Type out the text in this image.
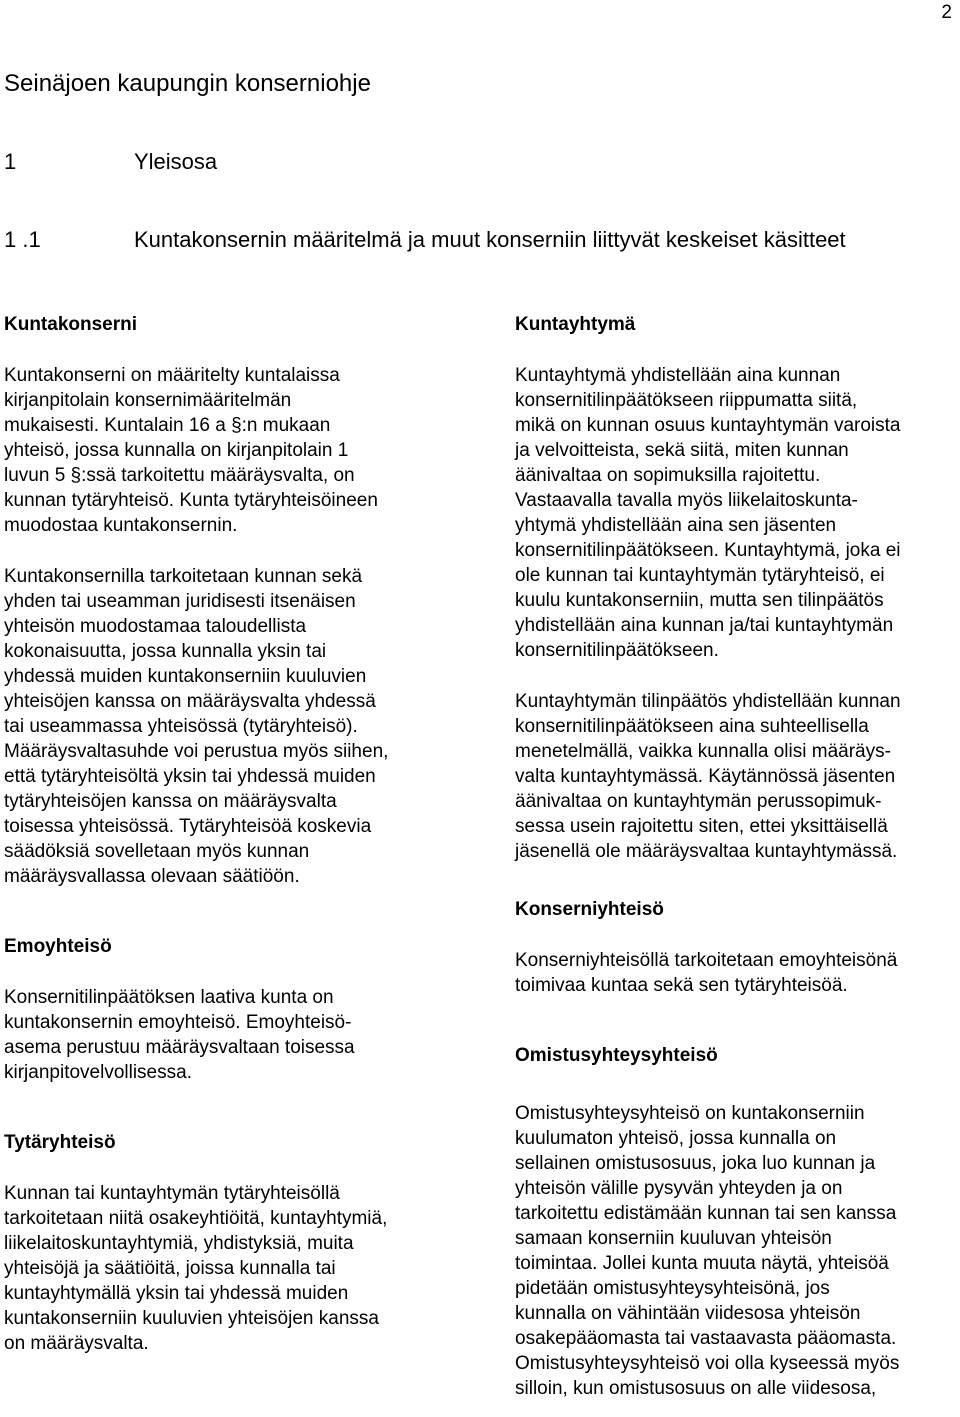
2
Seinäjoen kaupungin konserniohje
1	Yleisosa
1 .1	Kuntakonsernin määritelmä ja muut konserniin liittyvät keskeiset käsitteet
Kuntakonserni

Kuntakonserni on määritelty kuntalaissa
kirjanpitolain konsernimääritelmän
mukaisesti. Kuntalain 16 a §:n mukaan
yhteisö, jossa kunnalla on kirjanpitolain 1
luvun 5 §:ssä tarkoitettu määräysvalta, on
kunnan tytäryhteisö. Kunta tytäryhteisöineen
muodostaa kuntakonsernin.

Kuntakonsernilla tarkoitetaan kunnan sekä
yhden tai useamman juridisesti itsenäisen
yhteisön muodostamaa taloudellista
kokonaisuutta, jossa kunnalla yksin tai
yhdessä muiden kuntakonserniin kuuluvien
yhteisöjen kanssa on määräysvalta yhdessä
tai useammassa yhteisössä (tytäryhteisö).
Määräysvaltasuhde voi perustua myös siihen,
että tytäryhteisöltä yksin tai yhdessä muiden
tytäryhteisöjen kanssa on määräysvalta
toisessa yhteisössä. Tytäryhteisöä koskevia
säädöksiä sovelletaan myös kunnan
määräysvallassa olevaan säätiöön.

Emoyhteisö

Konsernitilinpäätöksen laativa kunta on
kuntakonsernin emoyhteisö. Emoyhteisö-
asema perustuu määräysvaltaan toisessa
kirjanpitovelvollisessa.

Tytäryhteisö

Kunnan tai kuntayhtymän tytäryhteisöllä
tarkoitetaan niitä osakeyhtiöitä, kuntayhtymiä,
liikelaitoskuntayhtymiä, yhdistyksiä, muita
yhteisöjä ja säätiöitä, joissa kunnalla tai
kuntayhtymällä yksin tai yhdessä muiden
kuntakonserniin kuuluvien yhteisöjen kanssa
on määräysvalta.

Kuntayhtymä

Kuntayhtymä yhdistellään aina kunnan
konsernitilinpäätökseen riippumatta siitä,
mikä on kunnan osuus kuntayhtymän varoista
ja velvoitteista, sekä siitä, miten kunnan
äänivaltaa on sopimuksilla rajoitettu.
Vastaavalla tavalla myös liikelaitoskunta-
yhtymä yhdistellään aina sen jäsenten
konsernitilinpäätökseen. Kuntayhtymä, joka ei
ole kunnan tai kuntayhtymän tytäryhteisö, ei
kuulu kuntakonserniin, mutta sen tilinpäätös
yhdistellään aina kunnan ja/tai kuntayhtymän
konsernitilinpäätökseen.

Kuntayhtymän tilinpäätös yhdistellään kunnan
konsernitilinpäätökseen aina suhteellisella
menetelmällä, vaikka kunnalla olisi määräys-
valta kuntayhtymässä. Käytännössä jäsenten
äänivaltaa on kuntayhtymän perussopimuk-
sessa usein rajoitettu siten, ettei yksittäisellä
jäsenellä ole määräysvaltaa kuntayhtymässä.

Konserniyhteisö

Konserniyhteisöllä tarkoitetaan emoyhteisönä
toimivaa kuntaa sekä sen tytäryhteisöä.

Omistusyhteysyhteisö

Omistusyhteysyhteisö on kuntakonserniin
kuulumaton yhteisö, jossa kunnalla on
sellainen omistusosuus, joka luo kunnan ja
yhteisön välille pysyvän yhteyden ja on
tarkoitettu edistämään kunnan tai sen kanssa
samaan konserniin kuuluvan yhteisön
toimintaa. Jollei kunta muuta näytä, yhteisöä
pidetään omistusyhteysyhteisönä, jos
kunnalla on vähintään viidesosa yhteisön
osakepääomasta tai vastaavasta pääomasta.
Omistusyhteysyhteisö voi olla kyseessä myös
silloin, kun omistusosuus on alle viidesosa,
